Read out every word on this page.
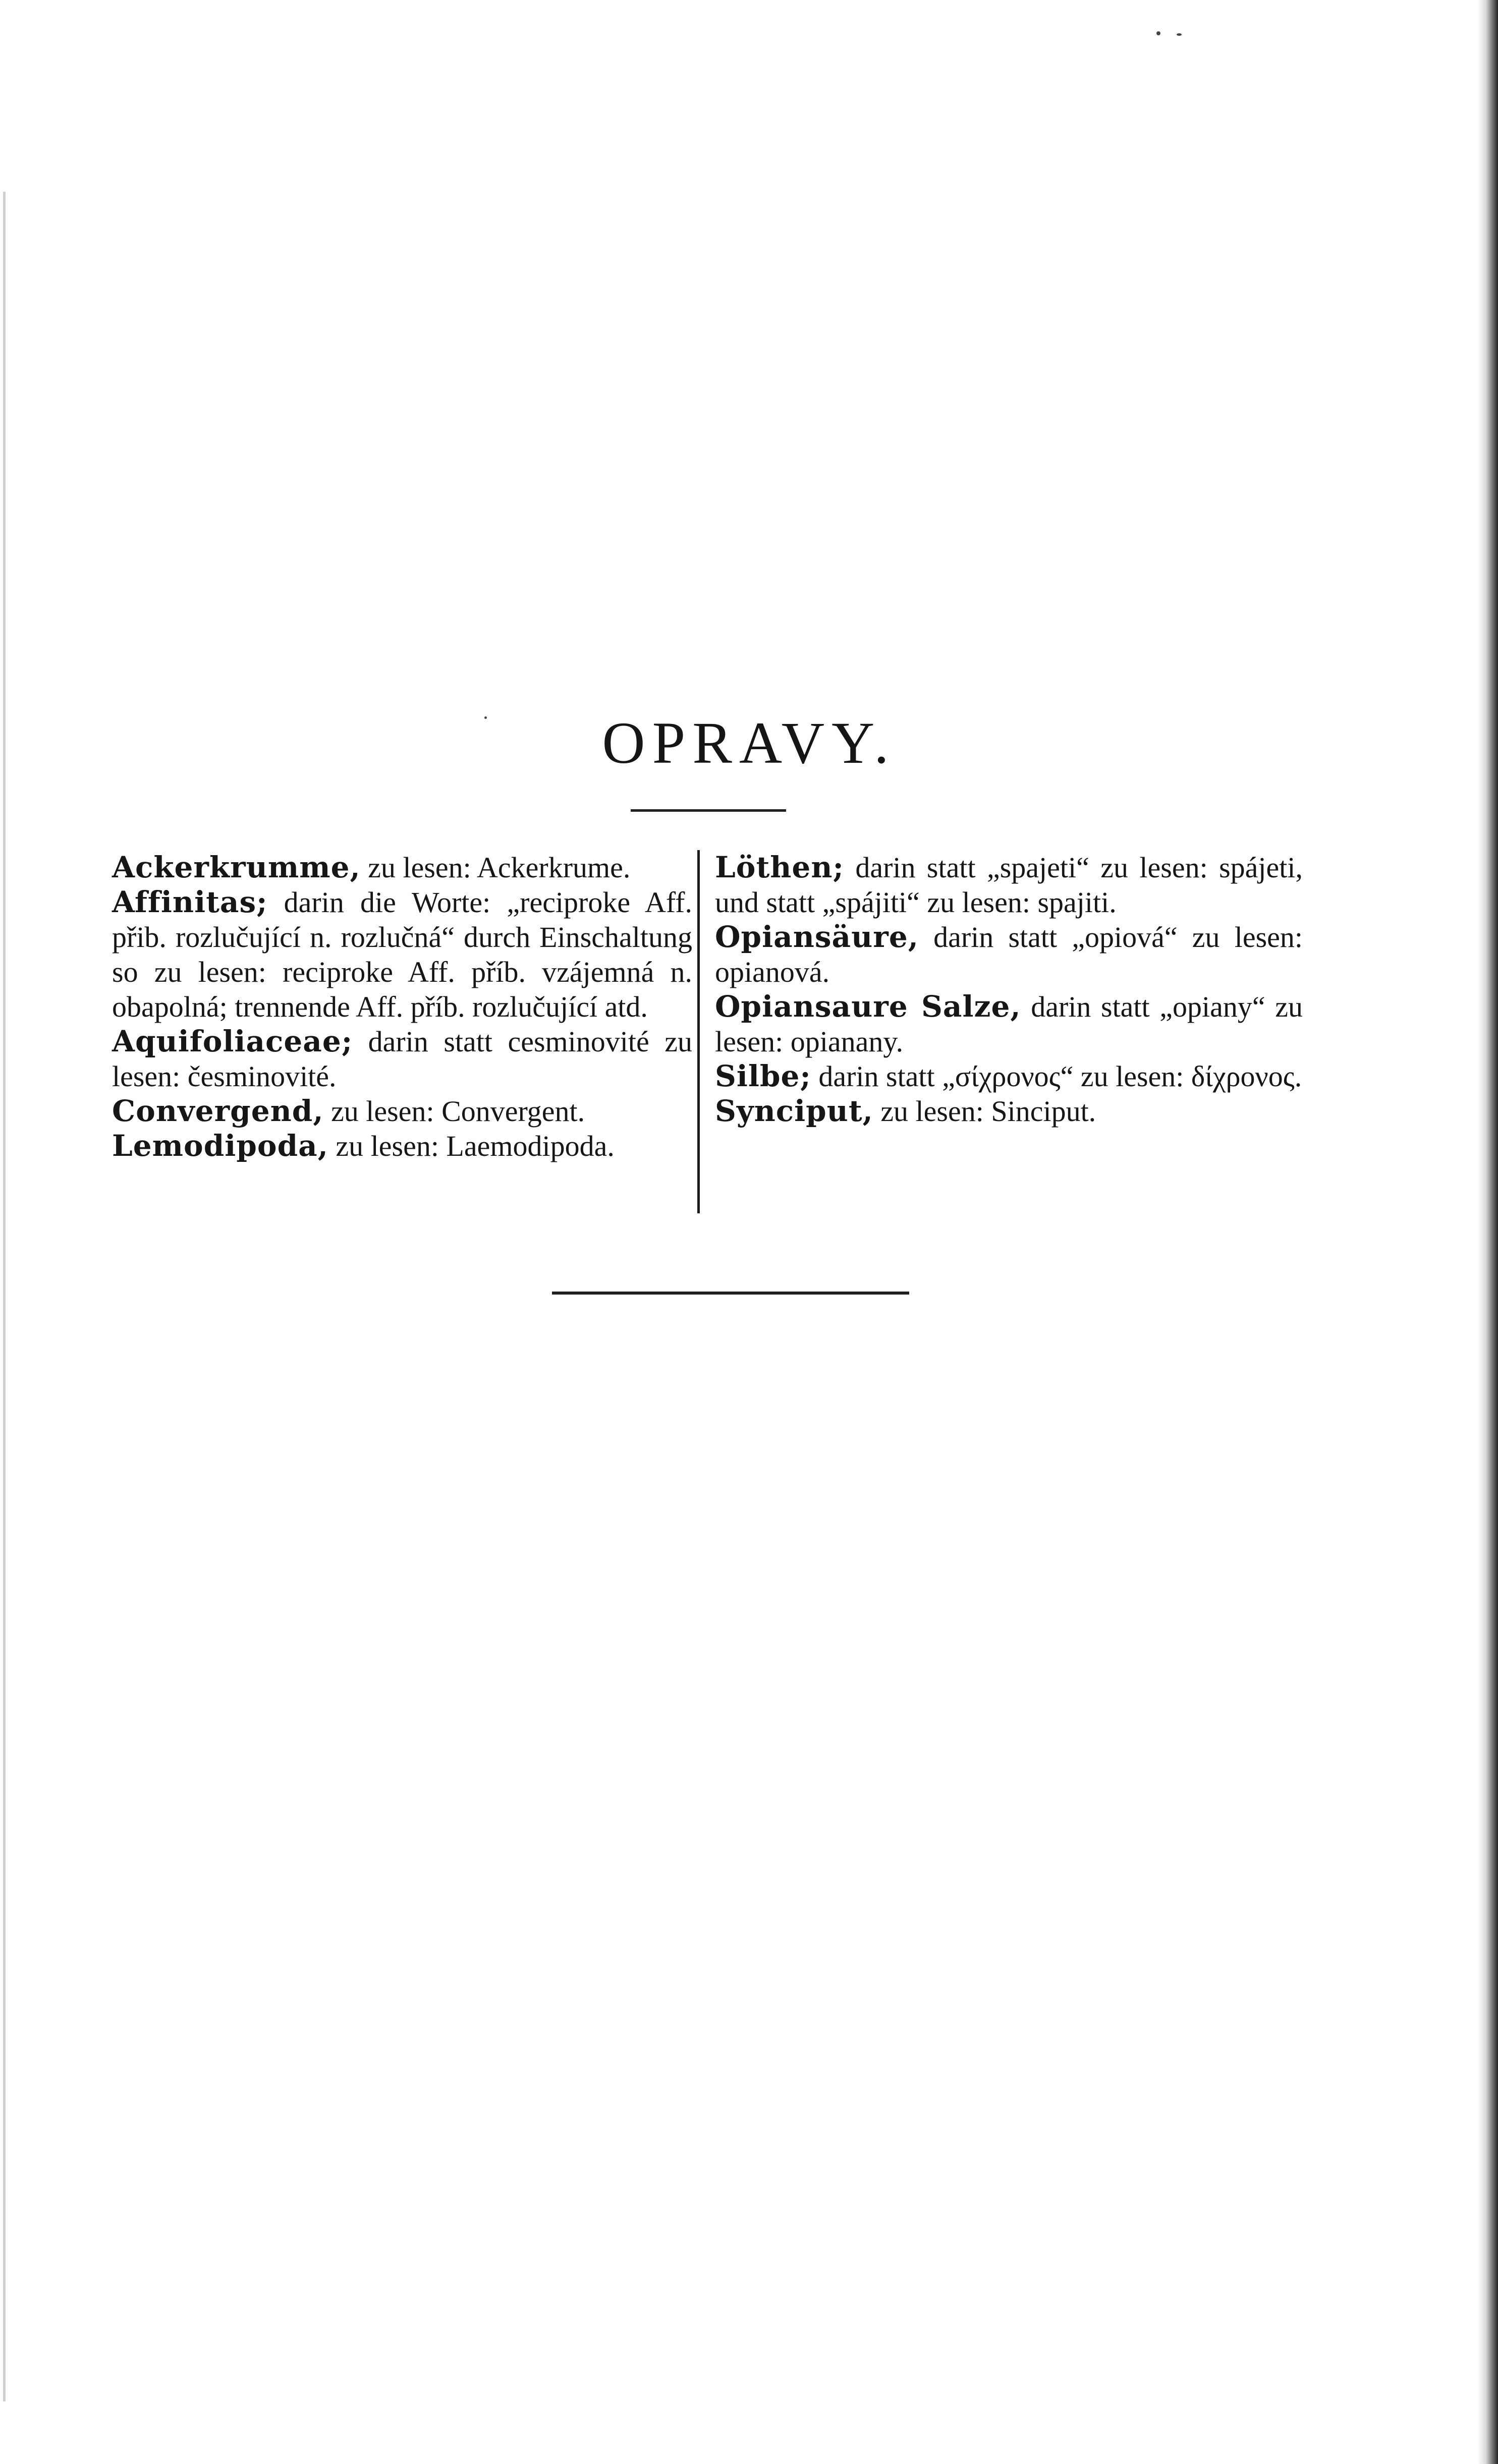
OPRAVY.

Ackerkrumme, zu lesen: Ackerkrume.

Affinitas; darin die Worte: „reciproke Aff. přib. rozlučující n. rozlučná“ durch Einschaltung so zu lesen: reciproke Aff. příb. vzájemná n. obapolná; trennende Aff. příb. rozlučující atd.

Aquifoliaceae; darin statt cesminovité zu lesen: česminovité.

Convergend, zu lesen: Convergent.

Lemodipoda, zu lesen: Laemodipoda.

Löthen; darin statt „spajeti“ zu lesen: spájeti, und statt „spájiti“ zu lesen: spajiti.

Opiansäure, darin statt „opiová“ zu lesen: opianová.

Opiansaure Salze, darin statt „opiany“ zu lesen: opianany.

Silbe; darin statt „σίχρονος“ zu lesen: δίχρονος.

Synciput, zu lesen: Sinciput.
